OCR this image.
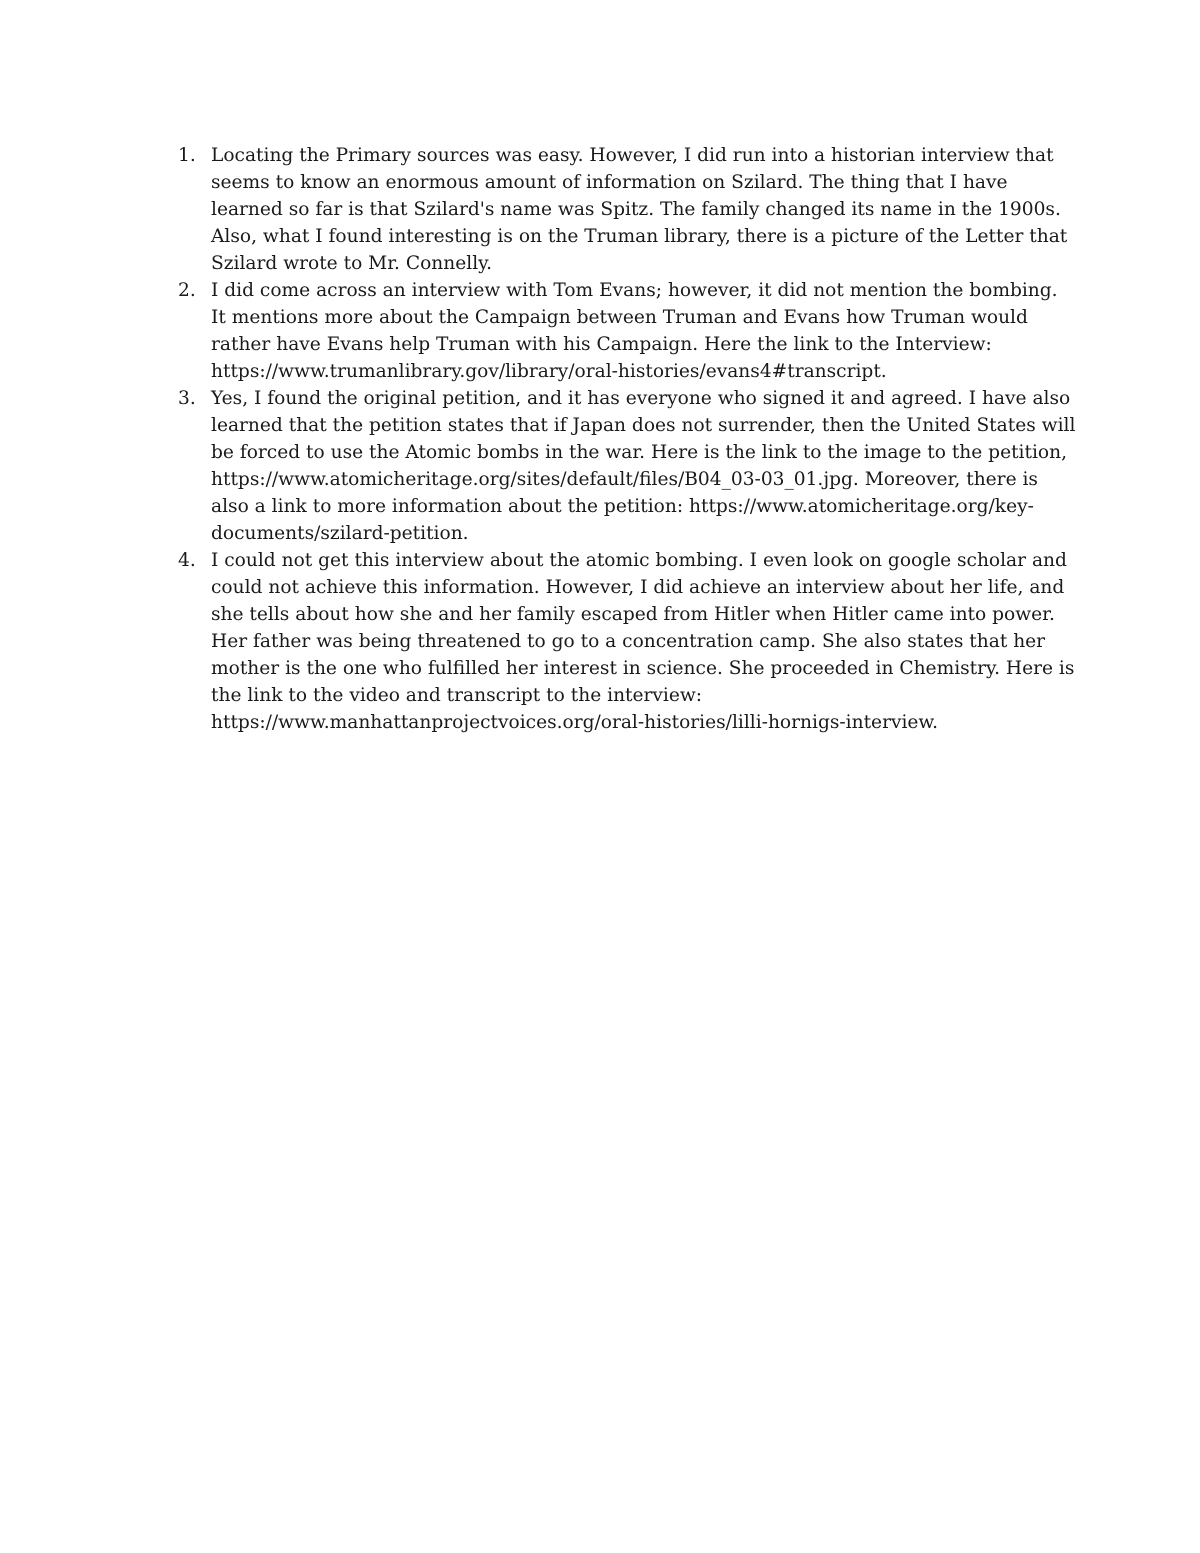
1. Locating the Primary sources was easy. However, I did run into a historian interview that seems to know an enormous amount of information on Szilard. The thing that I have learned so far is that Szilard's name was Spitz. The family changed its name in the 1900s. Also, what I found interesting is on the Truman library, there is a picture of the Letter that Szilard wrote to Mr. Connelly.

2. I did come across an interview with Tom Evans; however, it did not mention the bombing. It mentions more about the Campaign between Truman and Evans how Truman would rather have Evans help Truman with his Campaign. Here the link to the Interview: https://www.trumanlibrary.gov/library/oral-histories/evans4#transcript.

3. Yes, I found the original petition, and it has everyone who signed it and agreed. I have also learned that the petition states that if Japan does not surrender, then the United States will be forced to use the Atomic bombs in the war. Here is the link to the image to the petition, https://www.atomicheritage.org/sites/default/files/B04_03-03_01.jpg. Moreover, there is also a link to more information about the petition: https://www.atomicheritage.org/key-documents/szilard-petition.

4. I could not get this interview about the atomic bombing. I even look on google scholar and could not achieve this information. However, I did achieve an interview about her life, and she tells about how she and her family escaped from Hitler when Hitler came into power. Her father was being threatened to go to a concentration camp. She also states that her mother is the one who fulfilled her interest in science. She proceeded in Chemistry. Here is the link to the video and transcript to the interview: https://www.manhattanprojectvoices.org/oral-histories/lilli-hornigs-interview.
